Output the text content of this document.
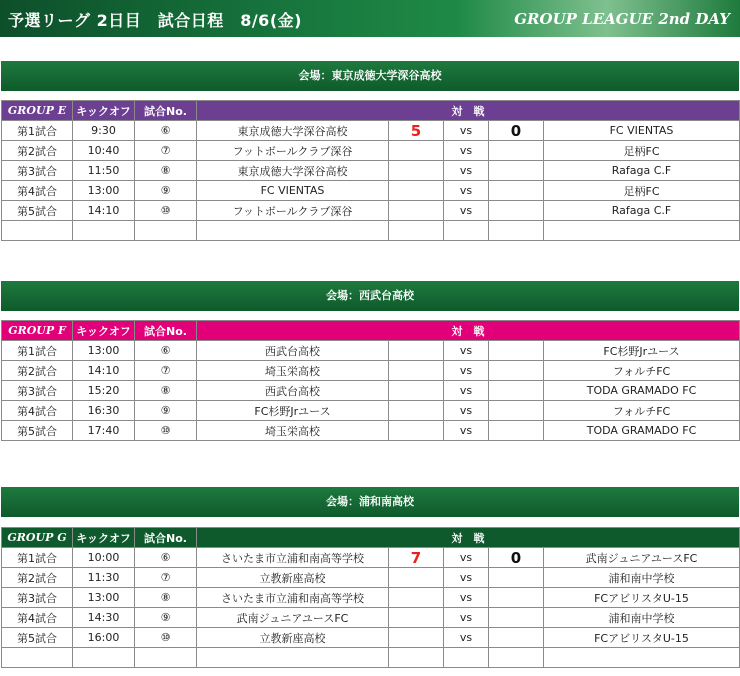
予選リーグ 2日目　試合日程　8/6(金)	GROUP LEAGUE 2nd DAY
会場：東京成徳大学深谷高校
GROUP E	キックオフ	試合No.	対　戦				
第1試合	9:30	⑥	東京成徳大学深谷高校	5	vs	0	FC VIENTAS
第2試合	10:40	⑦	フットボールクラブ深谷		vs		足柄FC
第3試合	11:50	⑧	東京成徳大学深谷高校		vs		Rafaga C.F
第4試合	13:00	⑨	FC VIENTAS		vs		足柄FC
第5試合	14:10	⑩	フットボールクラブ深谷		vs		Rafaga C.F

会場：西武台高校
GROUP F	キックオフ	試合No.	対　戦				
第1試合	13:00	⑥	西武台高校		vs		FC杉野Jrユース
第2試合	14:10	⑦	埼玉栄高校		vs		フォルチFC
第3試合	15:20	⑧	西武台高校		vs		TODA GRAMADO FC
第4試合	16:30	⑨	FC杉野Jrユース		vs		フォルチFC
第5試合	17:40	⑩	埼玉栄高校		vs		TODA GRAMADO FC
会場：浦和南高校
GROUP G	キックオフ	試合No.	対　戦				
第1試合	10:00	⑥	さいたま市立浦和南高等学校	7	vs	0	武南ジュニアユースFC
第2試合	11:30	⑦	立教新座高校		vs		浦和南中学校
第3試合	13:00	⑧	さいたま市立浦和南高等学校		vs		FCアビリスタU-15
第4試合	14:30	⑨	武南ジュニアユースFC		vs		浦和南中学校
第5試合	16:00	⑩	立教新座高校		vs		FCアビリスタU-15
